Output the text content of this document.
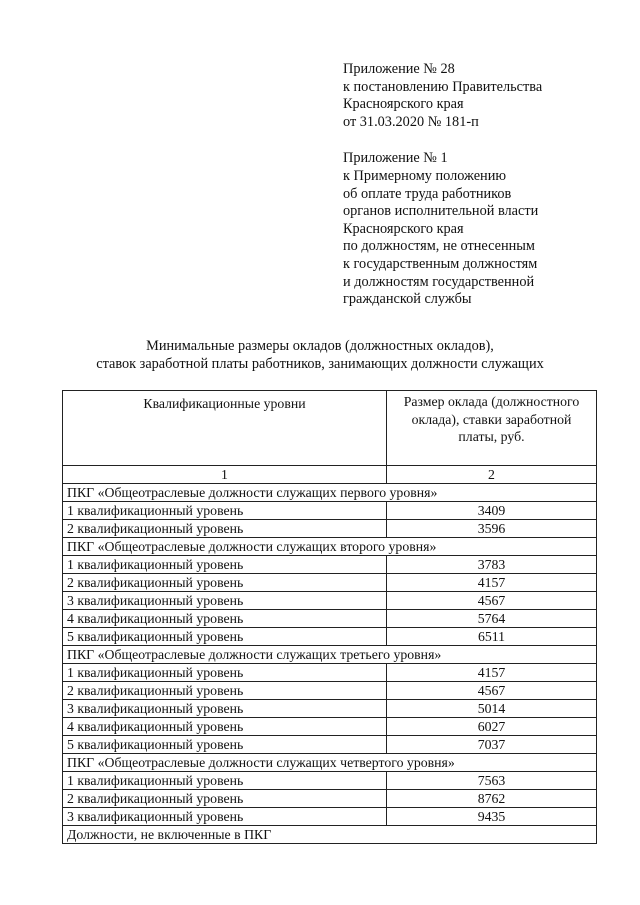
Приложение № 28
к постановлению Правительства
Красноярского края
от 31.03.2020 № 181-п
Приложение № 1
к Примерному положению
об оплате труда работников
органов исполнительной власти
Красноярского края
по должностям, не отнесенным
к государственным должностям
и должностям государственной
гражданской службы
Минимальные размеры окладов (должностных окладов),
ставок заработной платы работников, занимающих должности служащих
Квалификационные уровни	Размер оклада (должностного оклада), ставки заработной платы, руб.
1	2
ПКГ «Общеотраслевые должности служащих первого уровня»	
1 квалификационный уровень	3409
2 квалификационный уровень	3596
ПКГ «Общеотраслевые должности служащих второго уровня»	
1 квалификационный уровень	3783
2 квалификационный уровень	4157
3 квалификационный уровень	4567
4 квалификационный уровень	5764
5 квалификационный уровень	6511
ПКГ «Общеотраслевые должности служащих третьего уровня»	
1 квалификационный уровень	4157
2 квалификационный уровень	4567
3 квалификационный уровень	5014
4 квалификационный уровень	6027
5 квалификационный уровень	7037
ПКГ «Общеотраслевые должности служащих четвертого уровня»	
1 квалификационный уровень	7563
2 квалификационный уровень	8762
3 квалификационный уровень	9435
Должности, не включенные в ПКГ	
